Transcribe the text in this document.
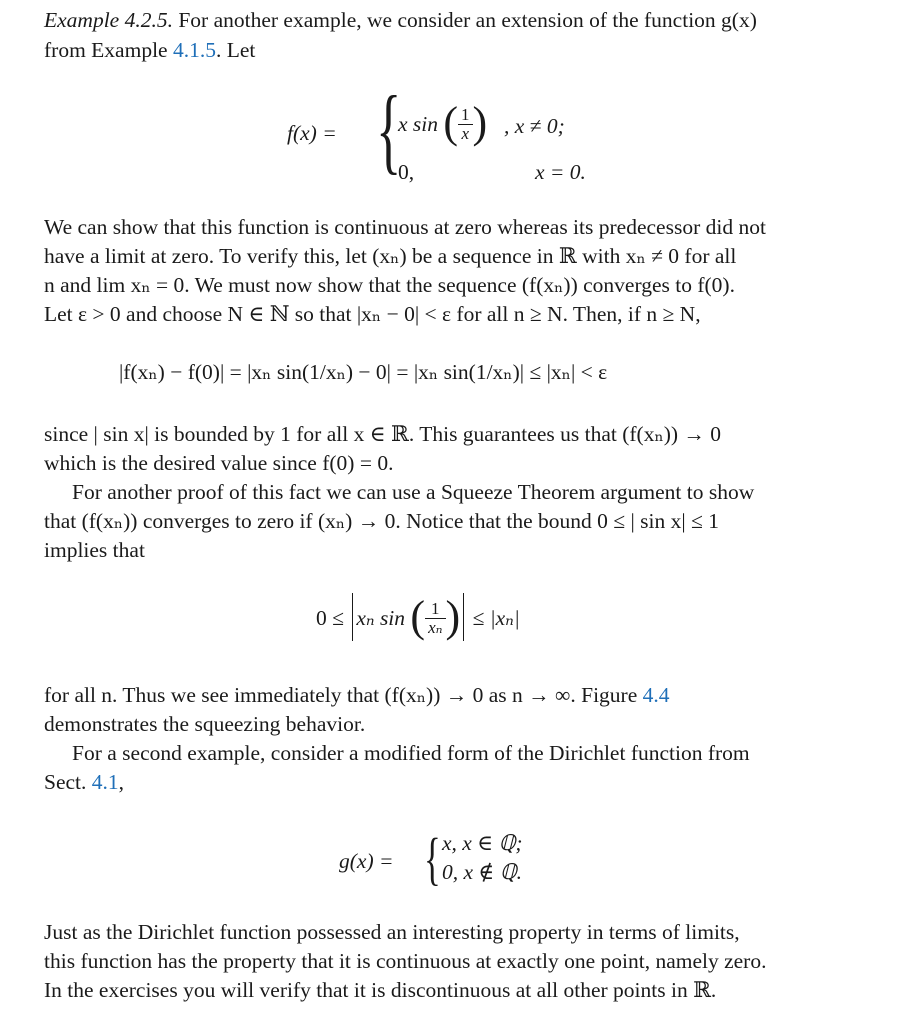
Example 4.2.5. For another example, we consider an extension of the function g(x)
from Example 4.1.5. Let
f(x) = {
x sin ( $\frac{1}{x}$ ) , x ≠ 0;
0,	x = 0.
We can show that this function is continuous at zero whereas its predecessor did not
have a limit at zero. To verify this, let (xₙ) be a sequence in ℝ with xₙ ≠ 0 for all
n and lim xₙ = 0. We must now show that the sequence (f(xₙ)) converges to f(0).
Let ε > 0 and choose N ∈ ℕ so that |xₙ − 0| < ε for all n ≥ N. Then, if n ≥ N,
|f(xₙ) − f(0)| = |xₙ sin(1/xₙ) − 0| = |xₙ sin(1/xₙ)| ≤ |xₙ| < ε
since | sin x| is bounded by 1 for all x ∈ ℝ. This guarantees us that (f(xₙ)) → 0
which is the desired value since f(0) = 0.
For another proof of this fact we can use a Squeeze Theorem argument to show
that (f(xₙ)) converges to zero if (xₙ) → 0. Notice that the bound 0 ≤ | sin x| ≤ 1
implies that
0 ≤ xₙ sin ( $\frac{1}{\text{xₙ}}$ ) ≤ |xₙ|
for all n. Thus we see immediately that (f(xₙ)) → 0 as n → ∞. Figure 4.4
demonstrates the squeezing behavior.
For a second example, consider a modified form of the Dirichlet function from
Sect. 4.1,
g(x) = { x, x ∈ ℚ;
0, x ∉ ℚ.
Just as the Dirichlet function possessed an interesting property in terms of limits,
this function has the property that it is continuous at exactly one point, namely zero.
In the exercises you will verify that it is discontinuous at all other points in ℝ.
